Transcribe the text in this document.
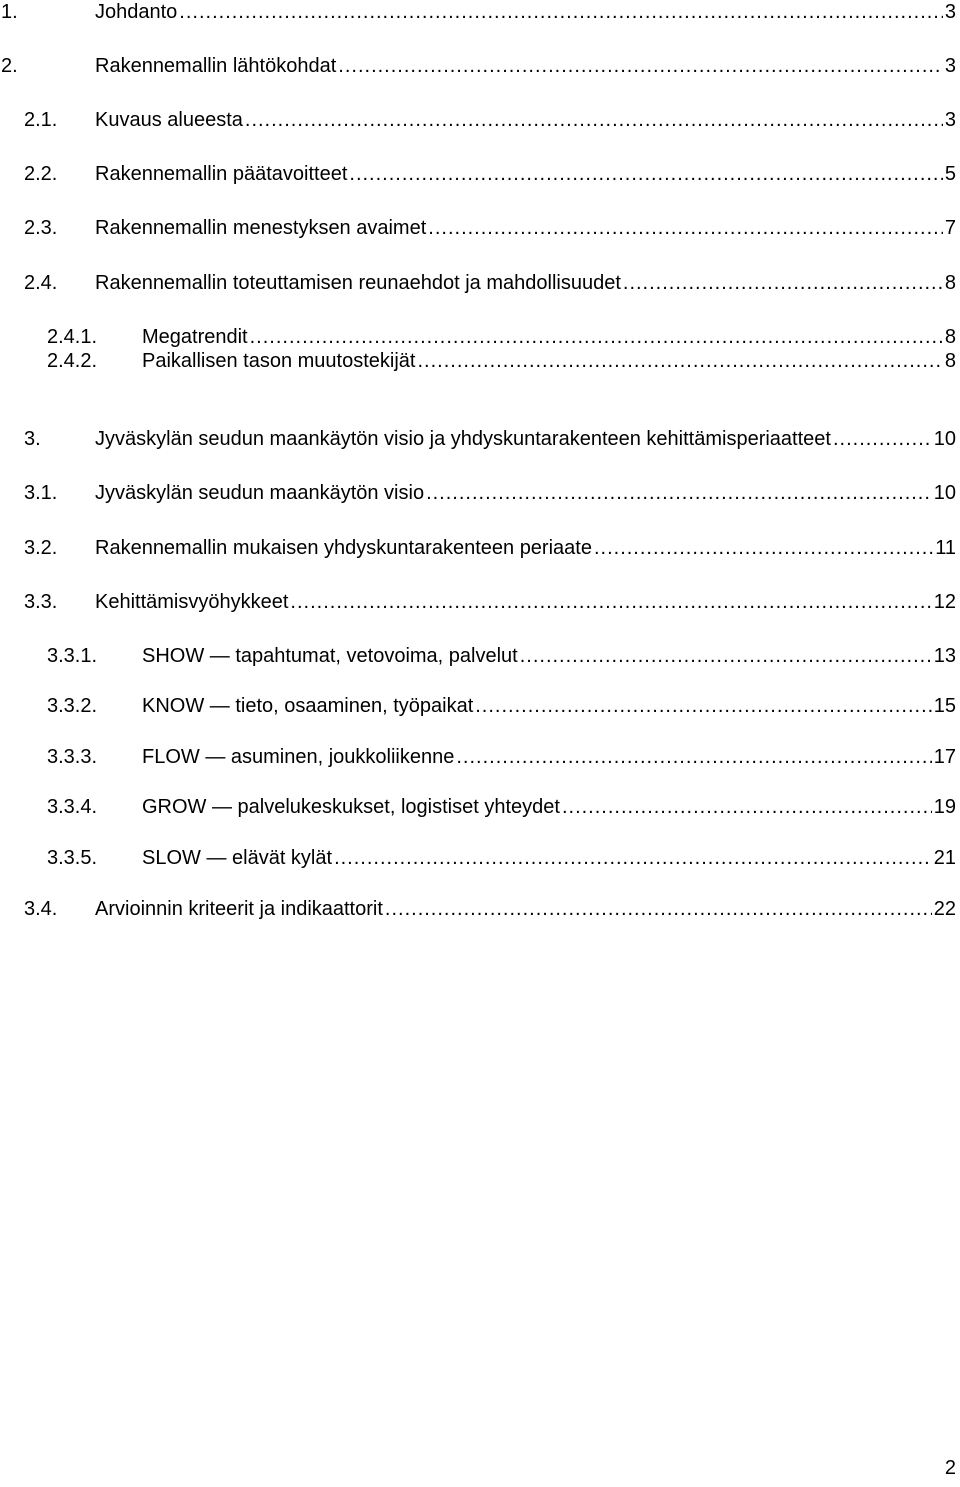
1.	Johdanto .....	3
2.	Rakennemallin lähtökohdat .....	3
2.1. Kuvaus alueesta .....	3
2.2. Rakennemallin päätavoitteet .....	5
2.3. Rakennemallin menestyksen avaimet .....	7
2.4. Rakennemallin toteuttamisen reunaehdot ja mahdollisuudet .....	8
2.4.1. Megatrendit .....	8
2.4.2. Paikallisen tason muutostekijät .....	8
3.	Jyväskylän seudun maankäytön visio ja yhdyskuntarakenteen kehittämisperiaatteet .....	10
3.1. Jyväskylän seudun maankäytön visio .....	10
3.2. Rakennemallin mukaisen yhdyskuntarakenteen periaate .....	11
3.3. Kehittämisvyöhykkeet .....	12
3.3.1. SHOW — tapahtumat, vetovoima, palvelut .....	13
3.3.2. KNOW — tieto, osaaminen, työpaikat .....	15
3.3.3. FLOW — asuminen, joukkoliikenne .....	17
3.3.4. GROW — palvelukeskukset, logistiset yhteydet .....	19
3.3.5. SLOW — elävät kylät .....	21
3.4. Arvioinnin kriteerit ja indikaattorit .....	22
2
